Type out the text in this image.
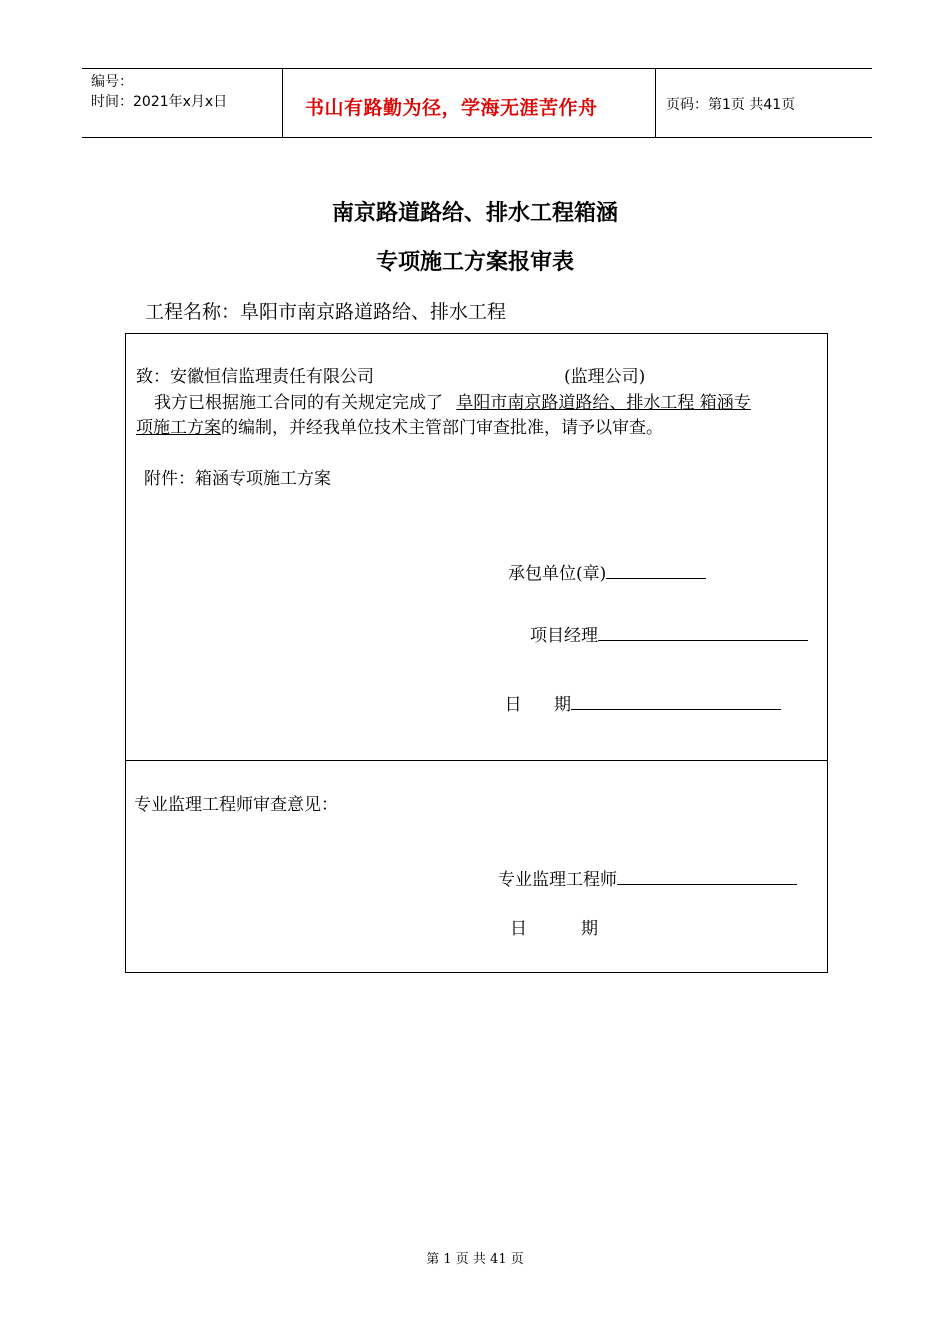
编号：
时间：2021年x月x日	书山有路勤为径，学海无涯苦作舟	页码：第1页 共41页
南京路道路给、排水工程箱涵
专项施工方案报审表
工程名称：阜阳市南京路道路给、排水工程
致：安徽恒信监理责任有限公司	(监理公司)
我方已根据施工合同的有关规定完成了 阜阳市南京路道路给、排水工程 箱涵专
项施工方案的编制，并经我单位技术主管部门审查批准，请予以审查。
附件：箱涵专项施工方案
承包单位(章)
项目经理

日      期

专业监理工程师审查意见：
专业监理工程师
日          期
第 1 页 共 41 页
